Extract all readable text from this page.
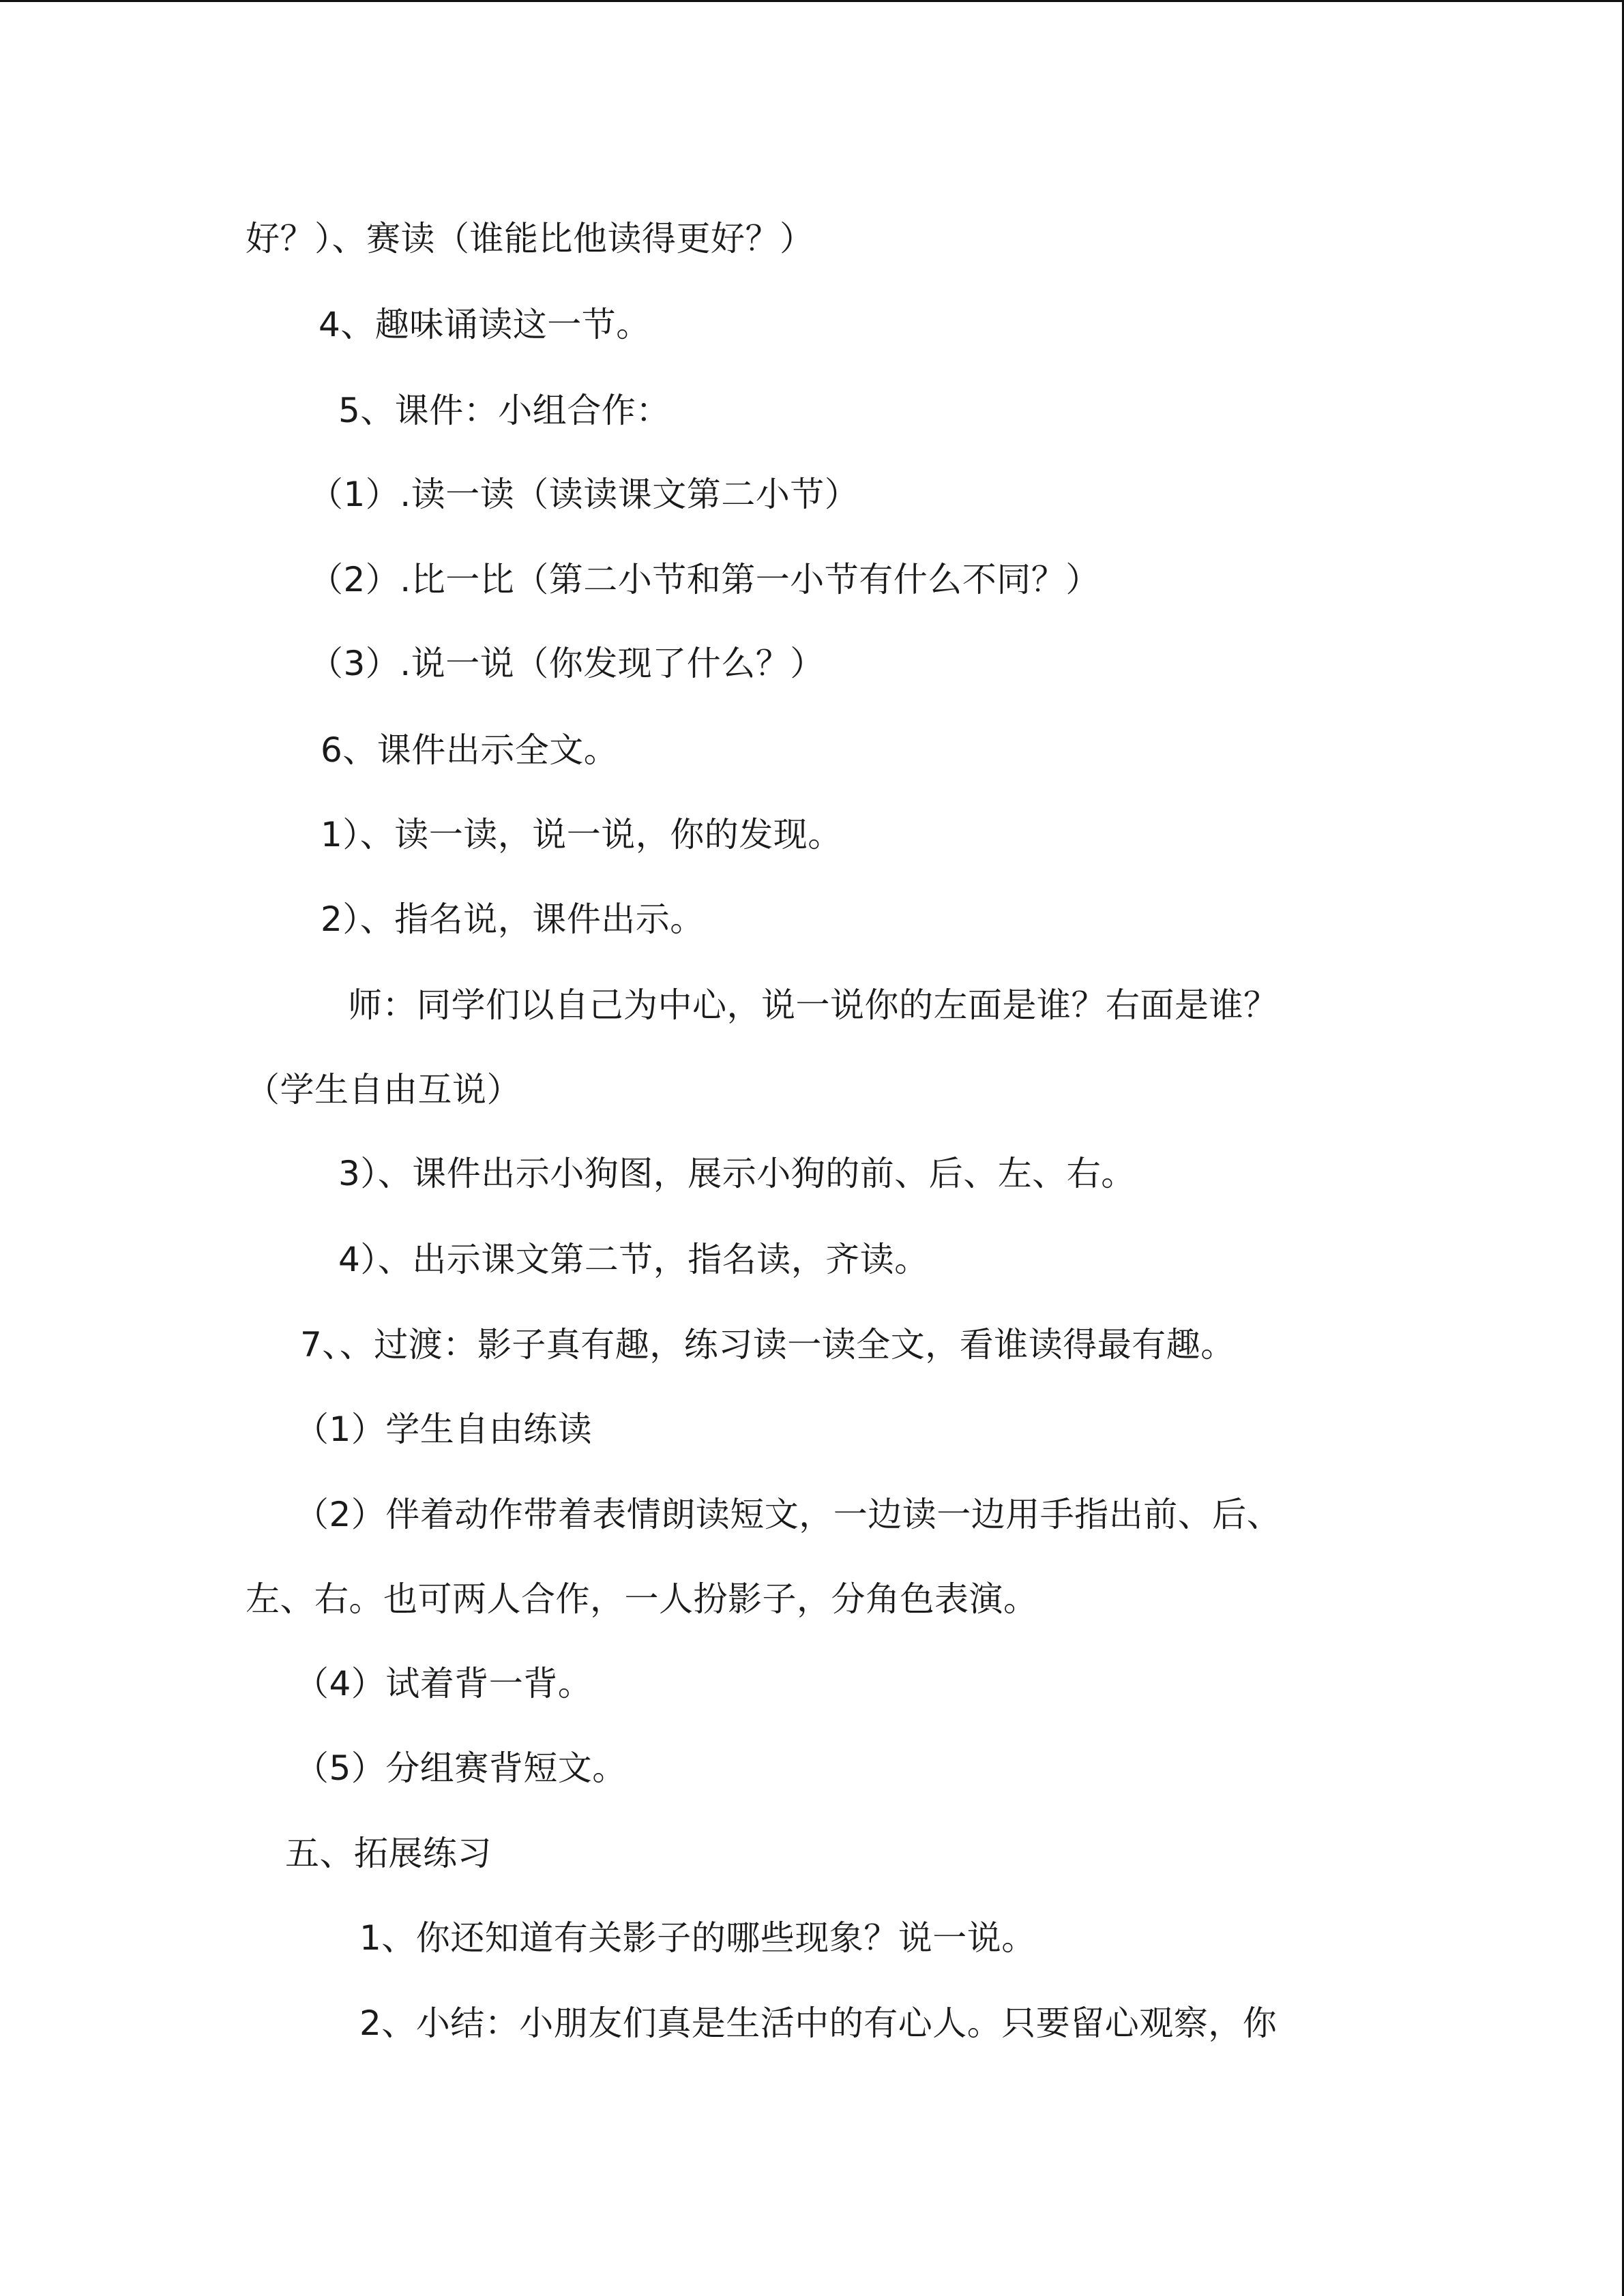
好？）、赛读（谁能比他读得更好？）
4、趣味诵读这一节。
5、课件：小组合作：
（1）.读一读（读读课文第二小节）
（2）.比一比（第二小节和第一小节有什么不同？）
（3）.说一说（你发现了什么？）
6、课件出示全文。
1）、读一读，说一说，你的发现。
2）、指名说，课件出示。
师：同学们以自己为中心，说一说你的左面是谁？右面是谁？
（学生自由互说）
3）、课件出示小狗图，展示小狗的前、后、左、右。
4）、出示课文第二节，指名读，齐读。
7、、过渡：影子真有趣，练习读一读全文，看谁读得最有趣。
（1）学生自由练读
（2）伴着动作带着表情朗读短文，一边读一边用手指出前、后、
左、右。也可两人合作，一人扮影子，分角色表演。
（4）试着背一背。
（5）分组赛背短文。
五、拓展练习
1、你还知道有关影子的哪些现象？说一说。
2、小结：小朋友们真是生活中的有心人。只要留心观察，你
